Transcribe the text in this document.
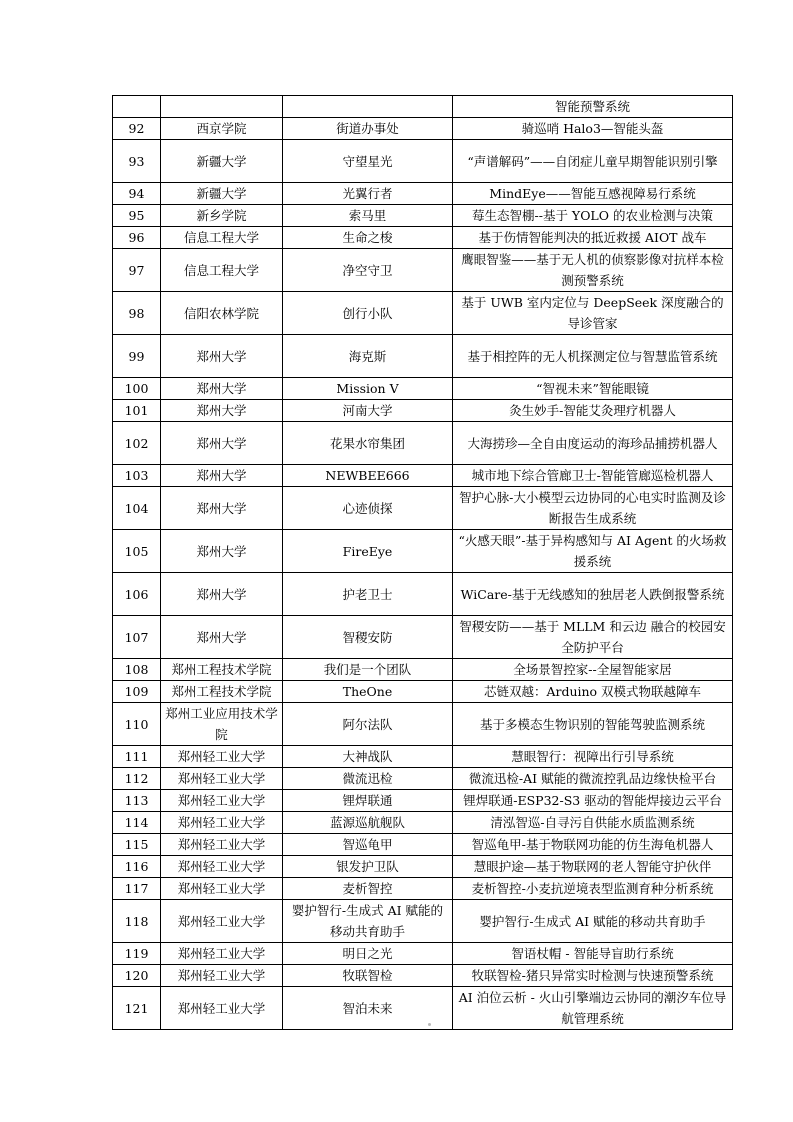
			智能预警系统
92	西京学院	街道办事处	骑巡哨 Halo3—智能头盔
93	新疆大学	守望星光	“声谱解码”——自闭症儿童早期智能识别引擎
94	新疆大学	光翼行者	MindEye——智能互感视障易行系统
95	新乡学院	索马里	莓生态智棚--基于 YOLO 的农业检测与决策
96	信息工程大学	生命之梭	基于伤情智能判决的抵近救援 AIOT 战车
97	信息工程大学	净空守卫	鹰眼智鉴——基于无人机的侦察影像对抗样本检测预警系统
98	信阳农林学院	创行小队	基于 UWB 室内定位与 DeepSeek 深度融合的导诊管家
99	郑州大学	海克斯	基于相控阵的无人机探测定位与智慧监管系统
100	郑州大学	Mission V	“智视未来”智能眼镜
101	郑州大学	河南大学	灸生妙手-智能艾灸理疗机器人
102	郑州大学	花果水帘集团	大海捞珍—全自由度运动的海珍品捕捞机器人
103	郑州大学	NEWBEE666	城市地下综合管廊卫士-智能管廊巡检机器人
104	郑州大学	心迹侦探	智护心脉-大小模型云边协同的心电实时监测及诊断报告生成系统
105	郑州大学	FireEye	“火感天眼”-基于异构感知与 AI Agent 的火场救援系统
106	郑州大学	护老卫士	WiCare-基于无线感知的独居老人跌倒报警系统
107	郑州大学	智稷安防	智稷安防——基于 MLLM 和云边 融合的校园安全防护平台
108	郑州工程技术学院	我们是一个团队	全场景智控家--全屋智能家居
109	郑州工程技术学院	TheOne	芯链双越：Arduino 双模式物联越障车
110	郑州工业应用技术学院	阿尔法队	基于多模态生物识别的智能驾驶监测系统
111	郑州轻工业大学	大神战队	慧眼智行：视障出行引导系统
112	郑州轻工业大学	微流迅检	微流迅检-AI 赋能的微流控乳品边缘快检平台
113	郑州轻工业大学	锂焊联通	锂焊联通-ESP32-S3 驱动的智能焊接边云平台
114	郑州轻工业大学	蓝源巡航舰队	清泓智巡-自寻污自供能水质监测系统
115	郑州轻工业大学	智巡龟甲	智巡龟甲-基于物联网功能的仿生海龟机器人
116	郑州轻工业大学	银发护卫队	慧眼护途—基于物联网的老人智能守护伙伴
117	郑州轻工业大学	麦析智控	麦析智控-小麦抗逆境表型监测育种分析系统
118	郑州轻工业大学	婴护智行-生成式 AI 赋能的移动共育助手	婴护智行-生成式 AI 赋能的移动共育助手
119	郑州轻工业大学	明日之光	智语杖帽 - 智能导盲助行系统
120	郑州轻工业大学	牧联智检	牧联智检-猪只异常实时检测与快速预警系统
121	郑州轻工业大学	智泊未来	AI 泊位云析 - 火山引擎端边云协同的潮汐车位导航管理系统
